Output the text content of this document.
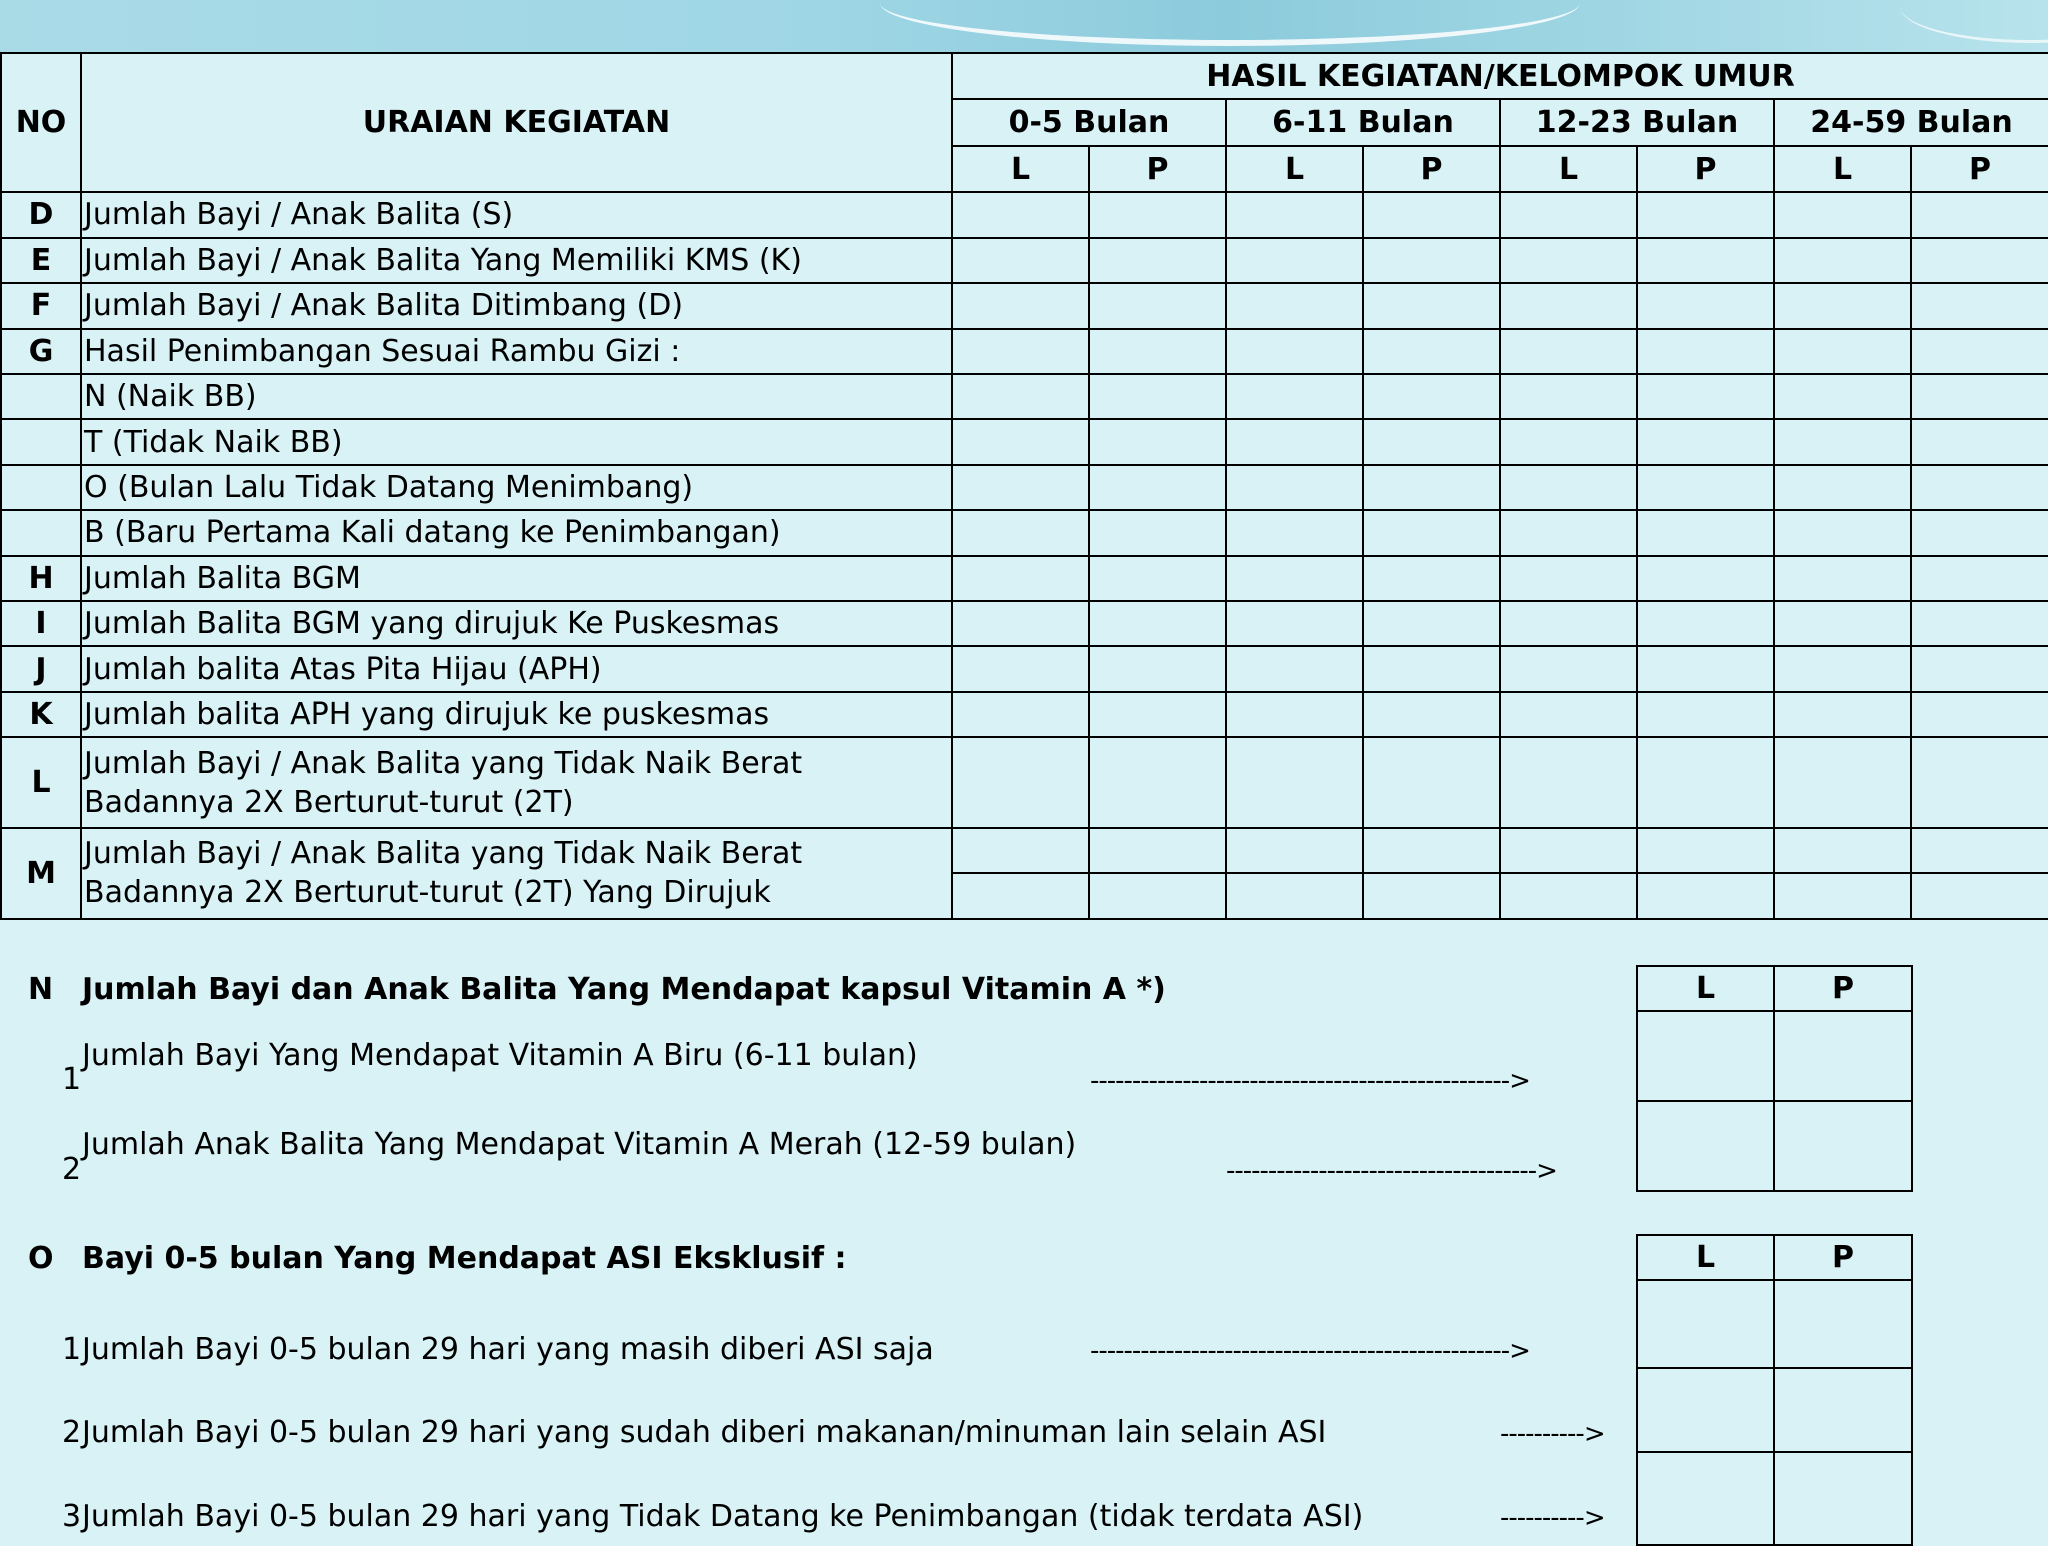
NO	URAIAN KEGIATAN	HASIL KEGIATAN/KELOMPOK UMUR							
		0-5 Bulan		6-11 Bulan		12-23 Bulan		24-59 Bulan	
		L	P	L	P	L	P	L	P
D	Jumlah Bayi / Anak Balita (S)								
E	Jumlah Bayi / Anak Balita Yang Memiliki KMS (K)								
F	Jumlah Bayi / Anak Balita Ditimbang (D)								
G	Hasil Penimbangan Sesuai Rambu Gizi :								
	N (Naik BB)								
	T (Tidak Naik BB)								
	O (Bulan Lalu Tidak Datang Menimbang)								
	B (Baru Pertama Kali datang ke Penimbangan)								
H	Jumlah Balita BGM								
I	Jumlah Balita BGM yang dirujuk Ke Puskesmas								
J	Jumlah balita Atas Pita Hijau (APH)								
K	Jumlah balita APH yang dirujuk ke puskesmas								
L	Jumlah Bayi / Anak Balita yang Tidak Naik Berat Badannya 2X Berturut-turut (2T)								
M	Jumlah Bayi / Anak Balita yang Tidak Naik Berat Badannya 2X Berturut-turut (2T) Yang Dirujuk								

N Jumlah Bayi dan Anak Balita Yang Mendapat kapsul Vitamin A *)
Jumlah Bayi Yang Mendapat Vitamin A Biru (6-11 bulan)
1	-------------------------------------------------->
Jumlah Anak Balita Yang Mendapat Vitamin A Merah (12-59 bulan)
2	------------------------------------->
L	P

O Bayi 0-5 bulan Yang Mendapat ASI Eksklusif :
1 Jumlah Bayi 0-5 bulan 29 hari yang masih diberi ASI saja	-------------------------------------------------->
2 Jumlah Bayi 0-5 bulan 29 hari yang sudah diberi makanan/minuman lain selain ASI	---------->
3 Jumlah Bayi 0-5 bulan 29 hari yang Tidak Datang ke Penimbangan (tidak terdata ASI)	---------->
L	P
